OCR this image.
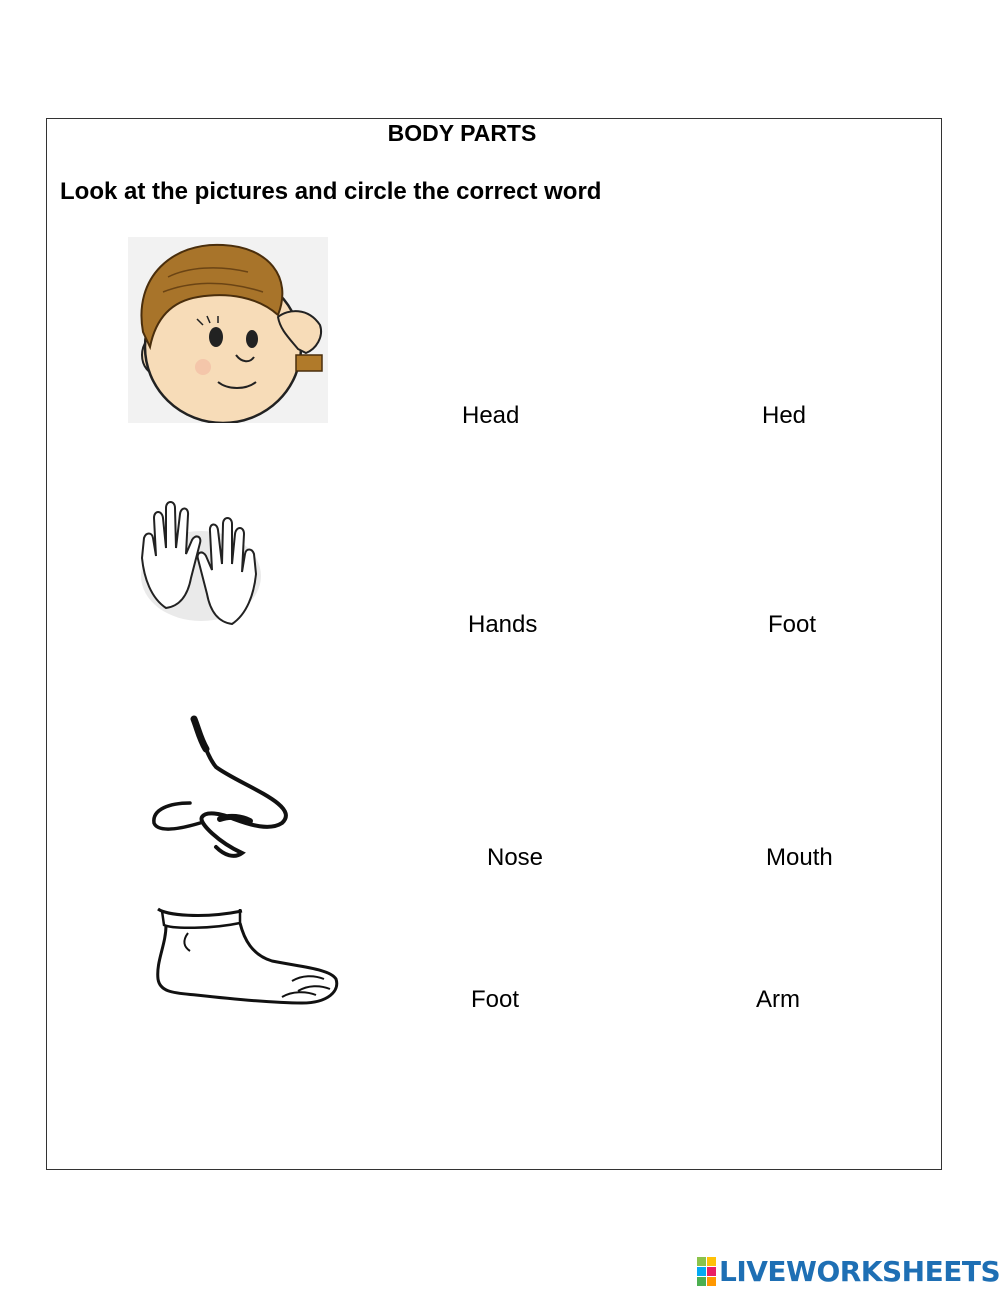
BODY PARTS
Look at the pictures and circle the correct word
Head	Hed
Hands	Foot
Nose	Mouth
Foot	Arm
LIVEWORKSHEETS
